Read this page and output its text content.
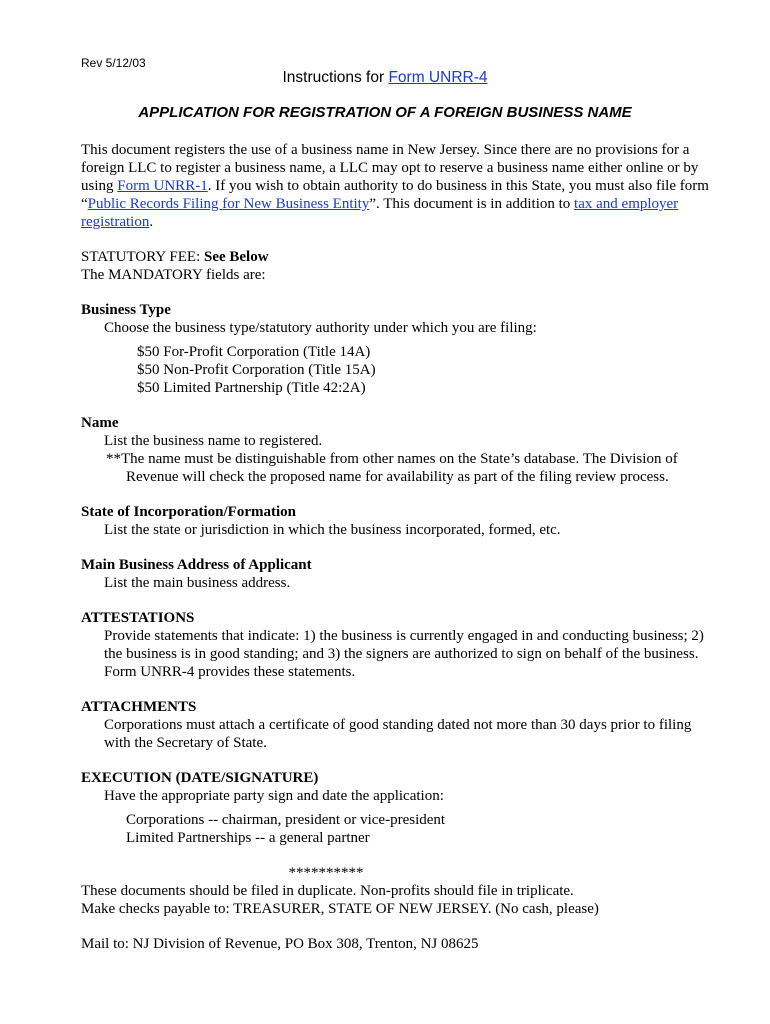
Rev 5/12/03
Instructions for Form UNRR-4
APPLICATION FOR REGISTRATION OF A FOREIGN BUSINESS NAME

This document registers the use of a business name in New Jersey. Since there are no provisions for a foreign LLC to register a business name, a LLC may opt to reserve a business name either online or by using Form UNRR-1. If you wish to obtain authority to do business in this State, you must also file form “Public Records Filing for New Business Entity”. This document is in addition to tax and employer registration.

STATUTORY FEE: See Below

The MANDATORY fields are:

Business Type

Choose the business type/statutory authority under which you are filing:

$50 For-Profit Corporation (Title 14A)

$50 Non-Profit Corporation (Title 15A)

$50 Limited Partnership (Title 42:2A)

Name

List the business name to registered.

**The name must be distinguishable from other names on the State’s database. The Division of Revenue will check the proposed name for availability as part of the filing review process.

State of Incorporation/Formation

List the state or jurisdiction in which the business incorporated, formed, etc.

Main Business Address of Applicant

List the main business address.

ATTESTATIONS

Provide statements that indicate: 1) the business is currently engaged in and conducting business; 2) the business is in good standing; and 3) the signers are authorized to sign on behalf of the business. Form UNRR-4 provides these statements.

ATTACHMENTS

Corporations must attach a certificate of good standing dated not more than 30 days prior to filing with the Secretary of State.

EXECUTION (DATE/SIGNATURE)

Have the appropriate party sign and date the application:

Corporations -- chairman, president or vice-president

Limited Partnerships -- a general partner

**********

These documents should be filed in duplicate. Non-profits should file in triplicate.

Make checks payable to: TREASURER, STATE OF NEW JERSEY. (No cash, please)

Mail to: NJ Division of Revenue, PO Box 308, Trenton, NJ 08625
